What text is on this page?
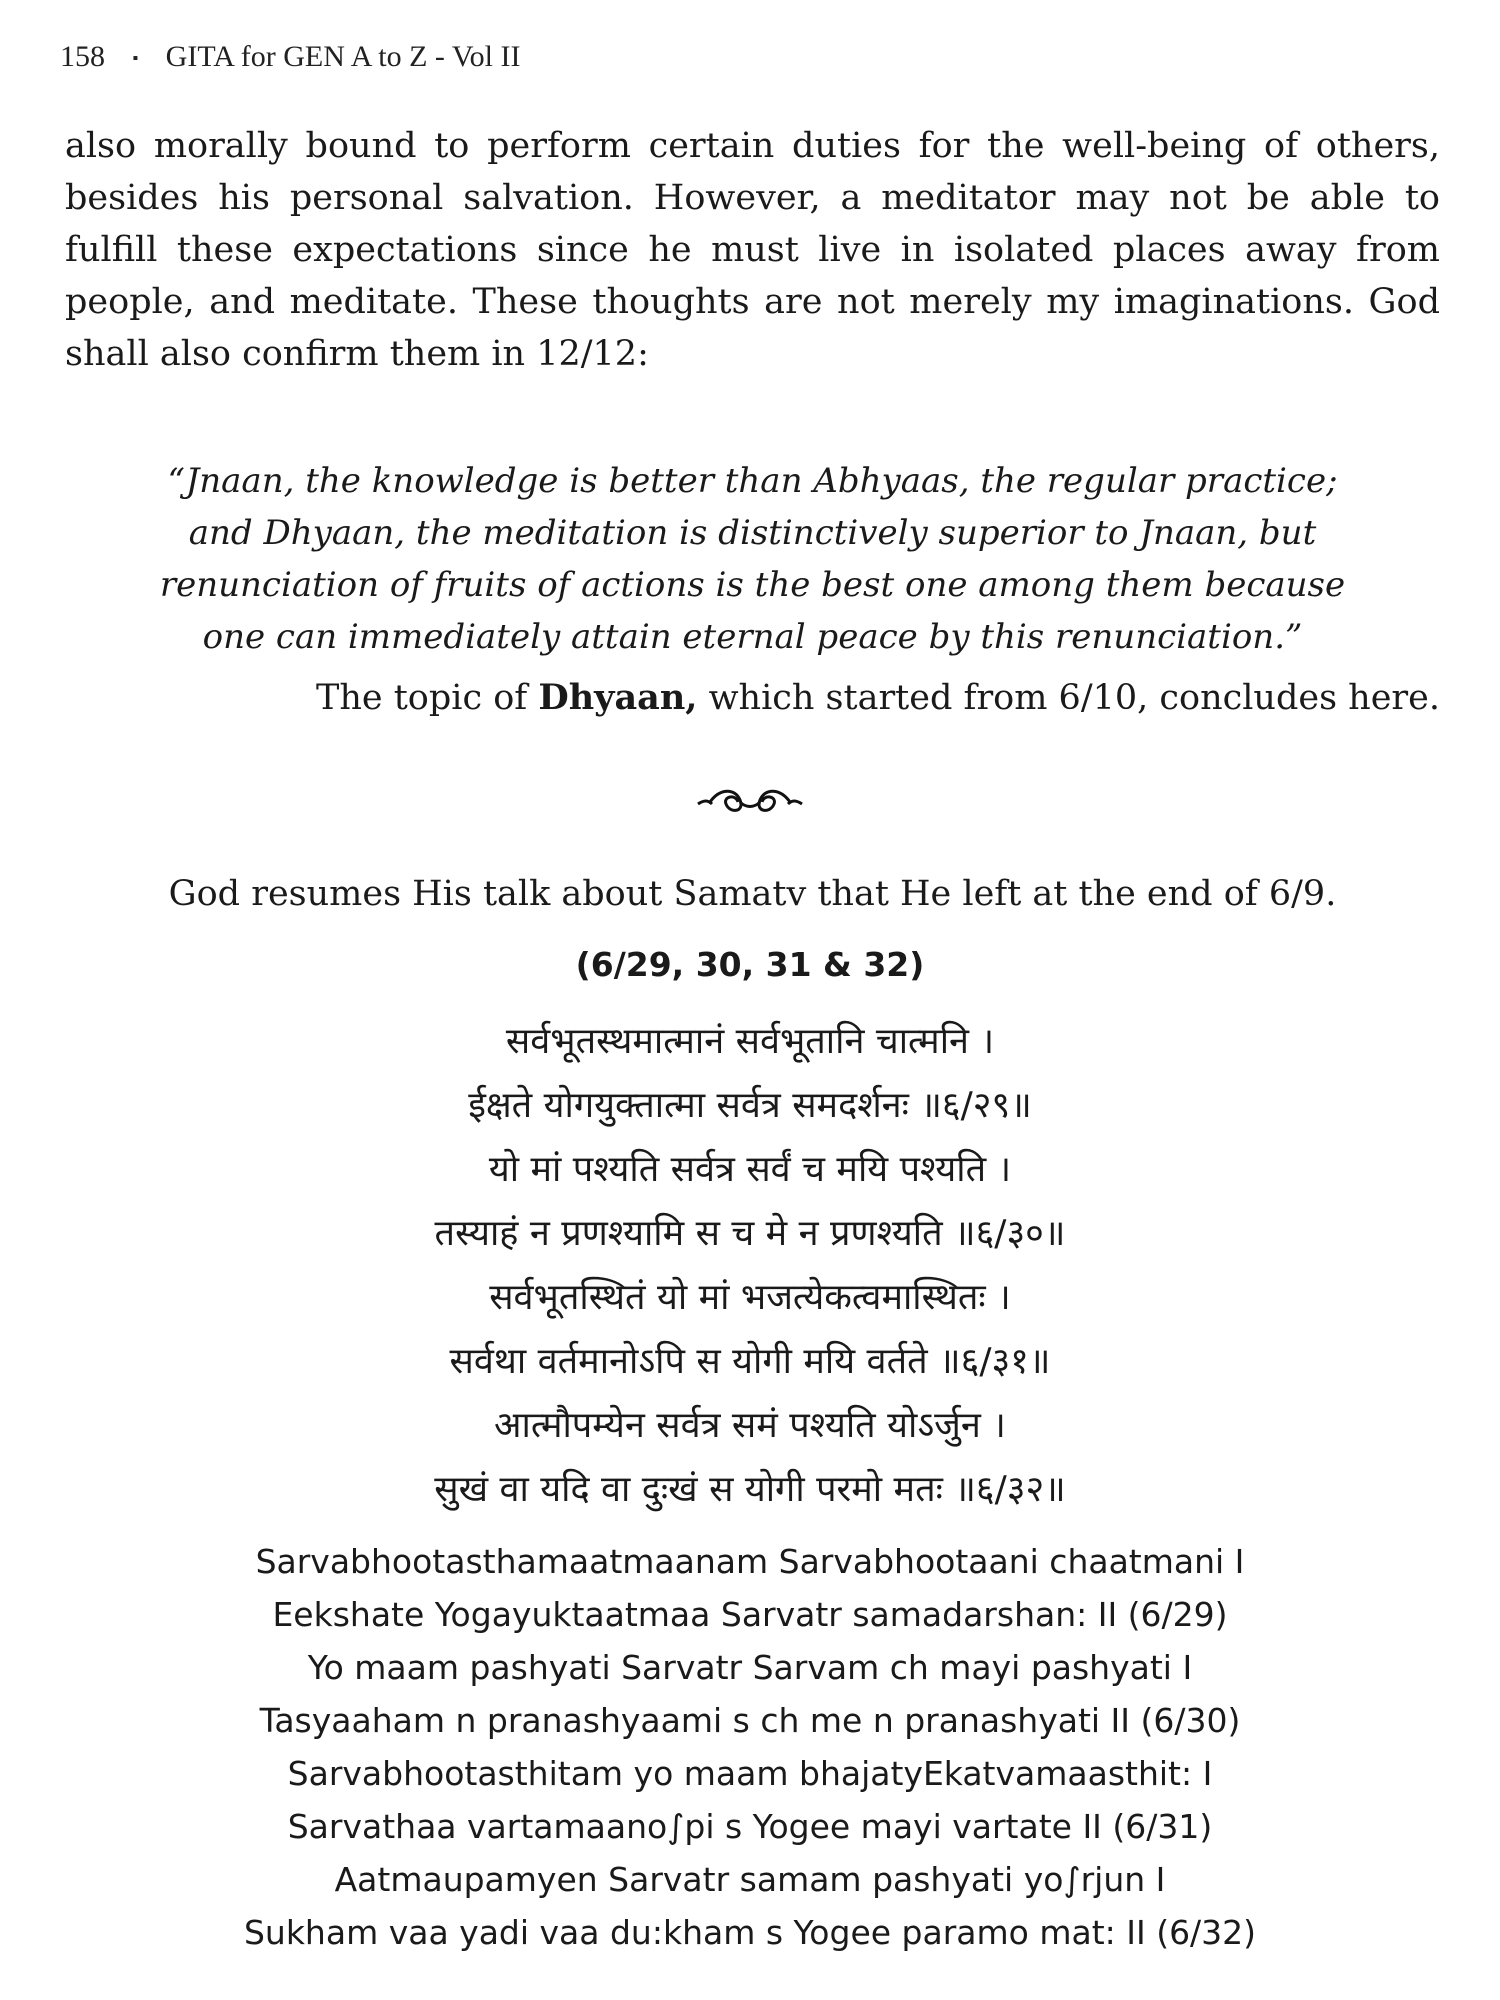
158 ▪ GITA for GEN A to Z - Vol II

also morally bound to perform certain duties for the well-being of others, besides his personal salvation. However, a meditator may not be able to fulfill these expectations since he must live in isolated places away from people, and meditate. These thoughts are not merely my imaginations. God shall also confirm them in 12/12:

“Jnaan, the knowledge is better than Abhyaas, the regular practice;
and Dhyaan, the meditation is distinctively superior to Jnaan, but
renunciation of fruits of actions is the best one among them because
one can immediately attain eternal peace by this renunciation.”

The topic of Dhyaan, which started from 6/10, concludes here.

God resumes His talk about Samatv that He left at the end of 6/9.

(6/29, 30, 31 & 32)

सर्वभूतस्थमात्मानं सर्वभूतानि चात्मनि ।
ईक्षते योगयुक्तात्मा सर्वत्र समदर्शनः ॥६/२९॥
यो मां पश्यति सर्वत्र सर्वं च मयि पश्यति ।
तस्याहं न प्रणश्यामि स च मे न प्रणश्यति ॥६/३०॥
सर्वभूतस्थितं यो मां भजत्येकत्वमास्थितः ।
सर्वथा वर्तमानोऽपि स योगी मयि वर्तते ॥६/३१॥
आत्मौपम्येन सर्वत्र समं पश्यति योऽर्जुन ।
सुखं वा यदि वा दुःखं स योगी परमो मतः ॥६/३२॥
Sarvabhootasthamaatmaanam Sarvabhootaani chaatmani I
Eekshate Yogayuktaatmaa Sarvatr samadarshan: II (6/29)
Yo maam pashyati Sarvatr Sarvam ch mayi pashyati I
Tasyaaham n pranashyaami s ch me n pranashyati II (6/30)
Sarvabhootasthitam yo maam bhajatyEkatvamaasthit: I
Sarvathaa vartamaano∫pi s Yogee mayi vartate II (6/31)
Aatmaupamyen Sarvatr samam pashyati yo∫rjun I
Sukham vaa yadi vaa du:kham s Yogee paramo mat: II (6/32)
